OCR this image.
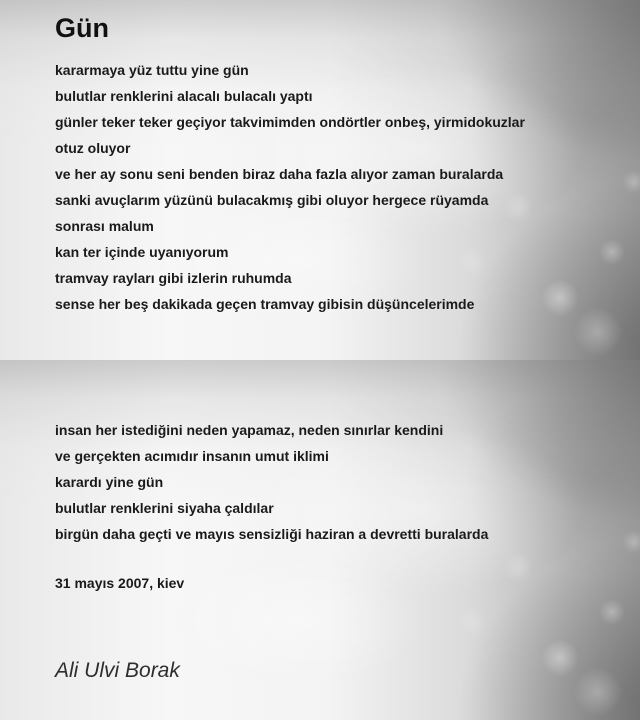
Gün
kararmaya yüz tuttu yine gün
bulutlar renklerini alacalı bulacalı yaptı
günler teker teker geçiyor takvimimden ondörtler onbeş, yirmidokuzlar
otuz oluyor
ve her ay sonu seni benden biraz daha fazla alıyor zaman buralarda
sanki avuçlarım yüzünü bulacakmış gibi oluyor hergece rüyamda
sonrası malum
kan ter içinde uyanıyorum
tramvay rayları gibi izlerin ruhumda
sense her beş dakikada geçen tramvay gibisin düşüncelerimde
insan her istediğini neden yapamaz, neden sınırlar kendini
ve gerçekten acımıdır insanın umut iklimi
karardı yine gün
bulutlar renklerini siyaha çaldılar
birgün daha geçti ve mayıs sensizliği haziran a devretti buralarda
31 mayıs 2007, kiev
Ali Ulvi Borak
